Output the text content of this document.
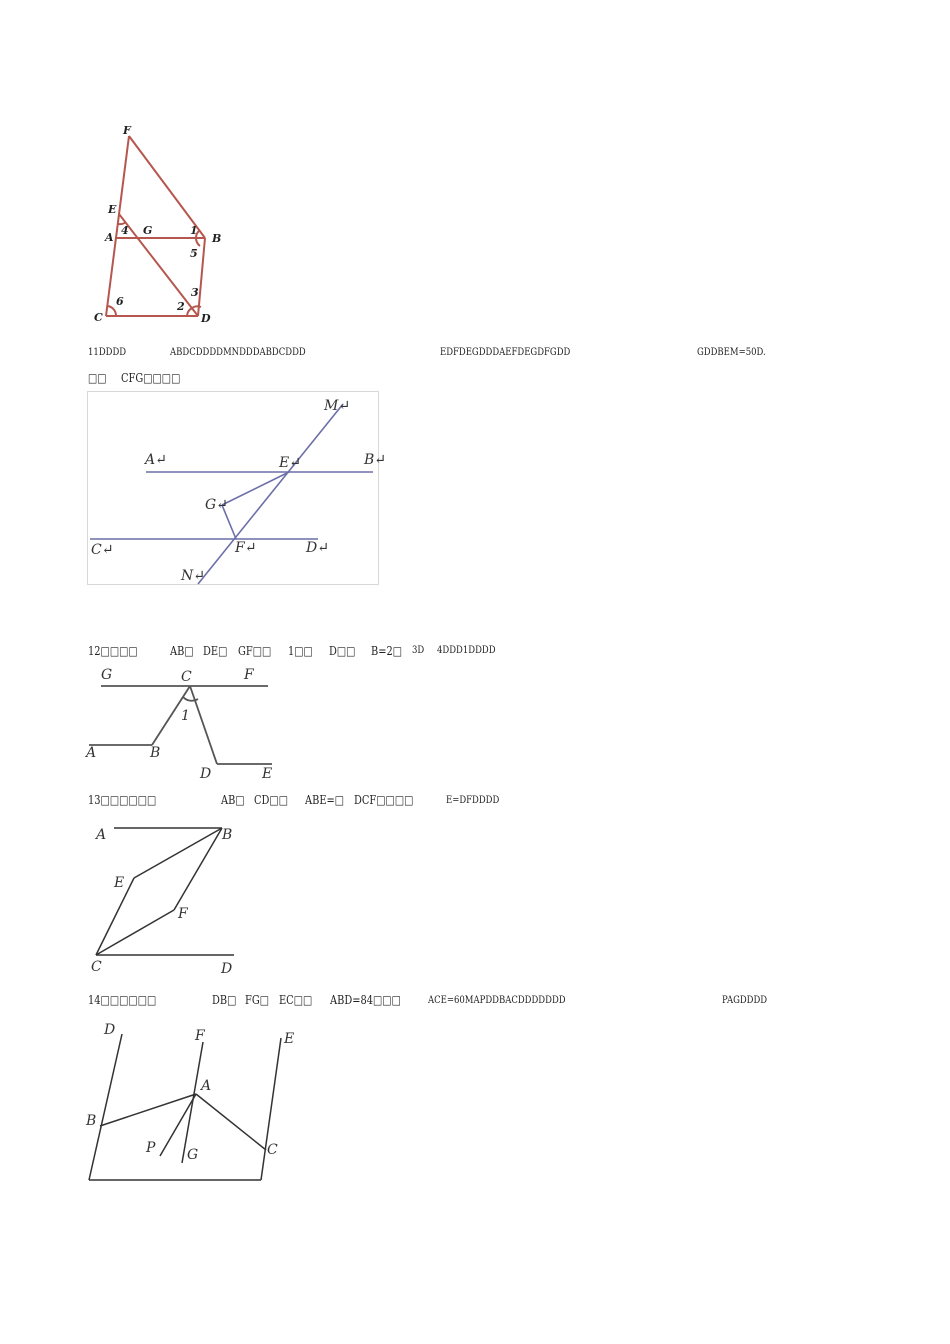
F
E
A
4 G	1
B
5
3
2
6
C	D
11DDDD	ABDCDDDDMNDDDABDCDDD	EDFDEGDDDAEFDEGDFGDD	GDDBEM=50D.
□□ CFG□□□□
M↵
A↵	E↵	B↵
G↵
C↵	F↵	D↵
N↵
12□□□□	AB□ DE□ GF□□ 1□□ D□□ B=2□ 3D 4DDD1DDDD
G	C	F
1
A	B
D	E
13□□□□□□	AB□ CD□□ ABE=□ DCF□□□□	E=DFDDDD
A	B
E
F
C	D
14□□□□□□	DB□ FG□ EC□□ ABD=84□□□	ACE=60MAPDDBACDDDDDDD	PAGDDDD
D	F	E
A
B
P G	C
